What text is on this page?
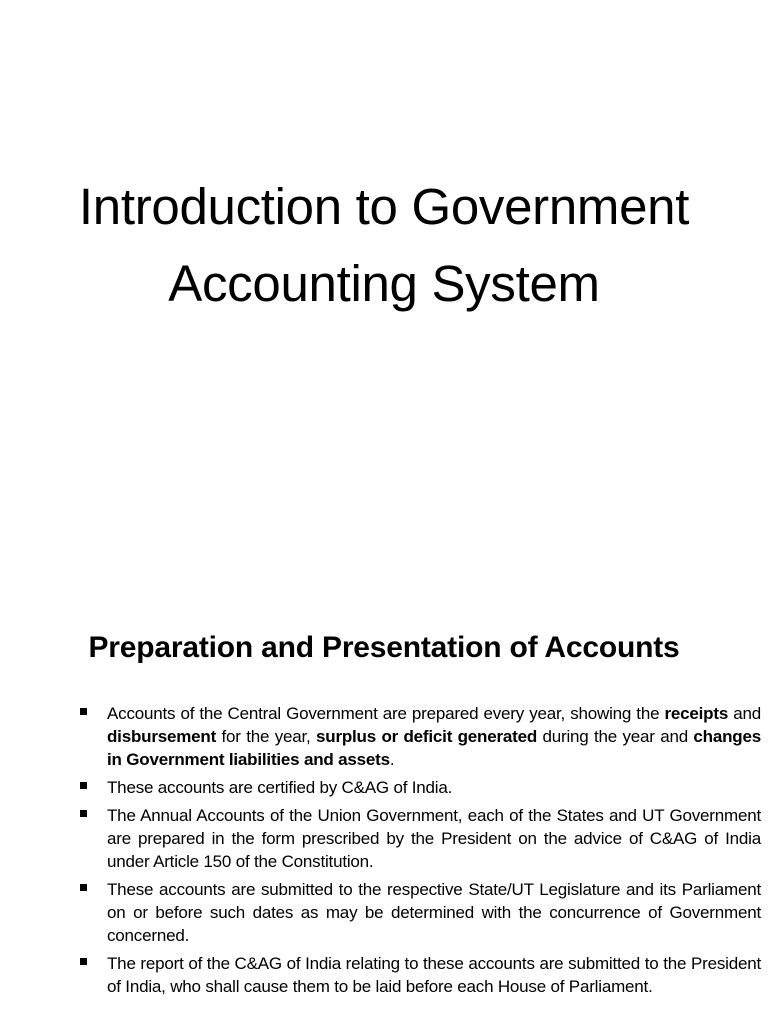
Introduction to Government
Accounting System
Preparation and Presentation of Accounts
Accounts of the Central Government are prepared every year, showing the receipts and disbursement for the year, surplus or deficit generated during the year and changes in Government liabilities and assets.
These accounts are certified by C&AG of India.
The Annual Accounts of the Union Government, each of the States and UT Government are prepared in the form prescribed by the President on the advice of C&AG of India under Article 150 of the Constitution.
These accounts are submitted to the respective State/UT Legislature and its Parliament on or before such dates as may be determined with the concurrence of Government concerned.
The report of the C&AG of India relating to these accounts are submitted to the President of India, who shall cause them to be laid before each House of Parliament.
